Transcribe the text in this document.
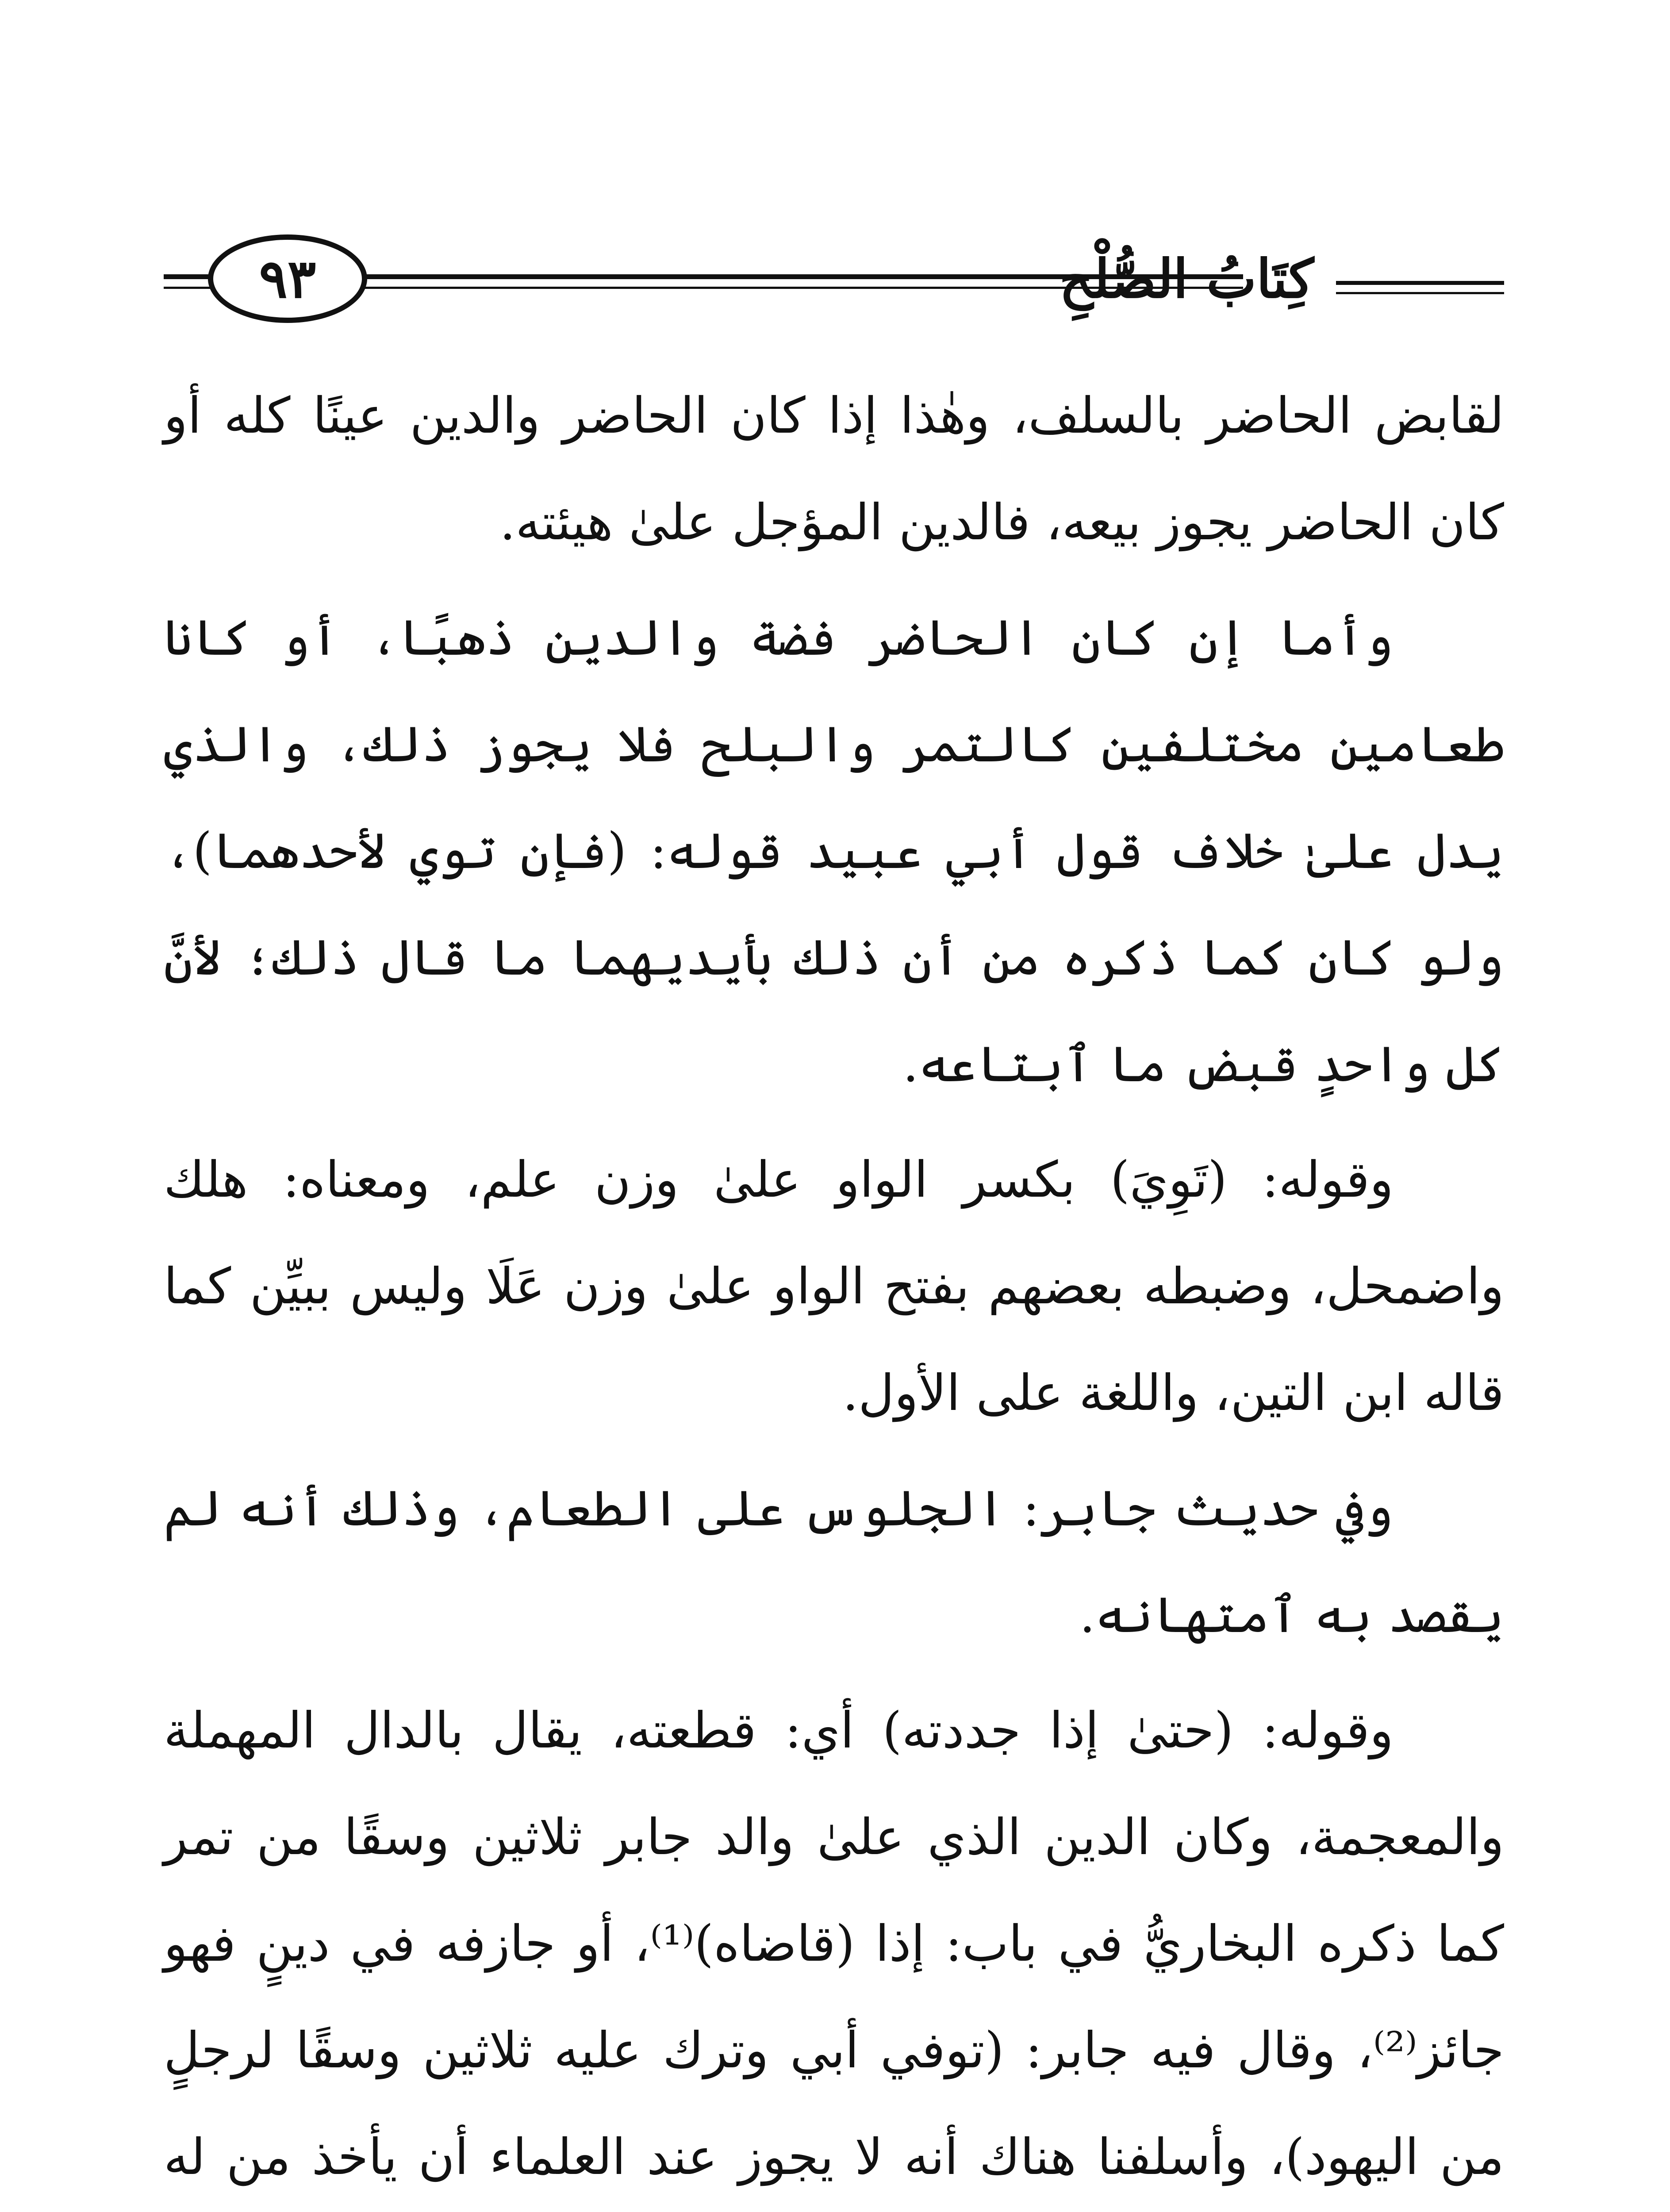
كِتَابُ الصُّلْحِ
٩٣

لقابض الحاضر بالسلف، وهٰذا إذا كان الحاضر والدين عينًا كله أو كان الحاضر يجوز بيعه، فالدين المؤجل علىٰ هيئته.

وأما إن كان الحاضر فضة والدين ذهبًا، أو كانا طعامين مختلفين كالتمر والبلح فلا يجوز ذلك، والذي يدل علىٰ خلاف قول أبي عبيد قوله: (فإن توي لأحدهما)، ولو كان كما ذكره من أن ذلك بأيديهما ما قال ذلك؛ لأنَّ كل واحدٍ قبض ما ٱبتاعه.

وقوله: (تَوِيَ) بكسر الواو علىٰ وزن علم، ومعناه: هلك واضمحل، وضبطه بعضهم بفتح الواو علىٰ وزن عَلَا وليس ببيِّن كما قاله ابن التين، واللغة على الأول.

وفي حديث جابر: الجلوس على الطعام، وذلك أنه لم يقصد به ٱمتهانه.

وقوله: (حتىٰ إذا جددته) أي: قطعته، يقال بالدال المهملة والمعجمة، وكان الدين الذي علىٰ والد جابر ثلاثين وسقًا من تمر كما ذكره البخاريُّ في باب: إذا (قاضاه)⁽¹⁾، أو جازفه في دينٍ فهو جائز⁽²⁾، وقال فيه جابر: (توفي أبي وترك عليه ثلاثين وسقًا لرجلٍ من اليهود)، وأسلفنا هناك أنه لا يجوز عند العلماء أن يأخذ من له
